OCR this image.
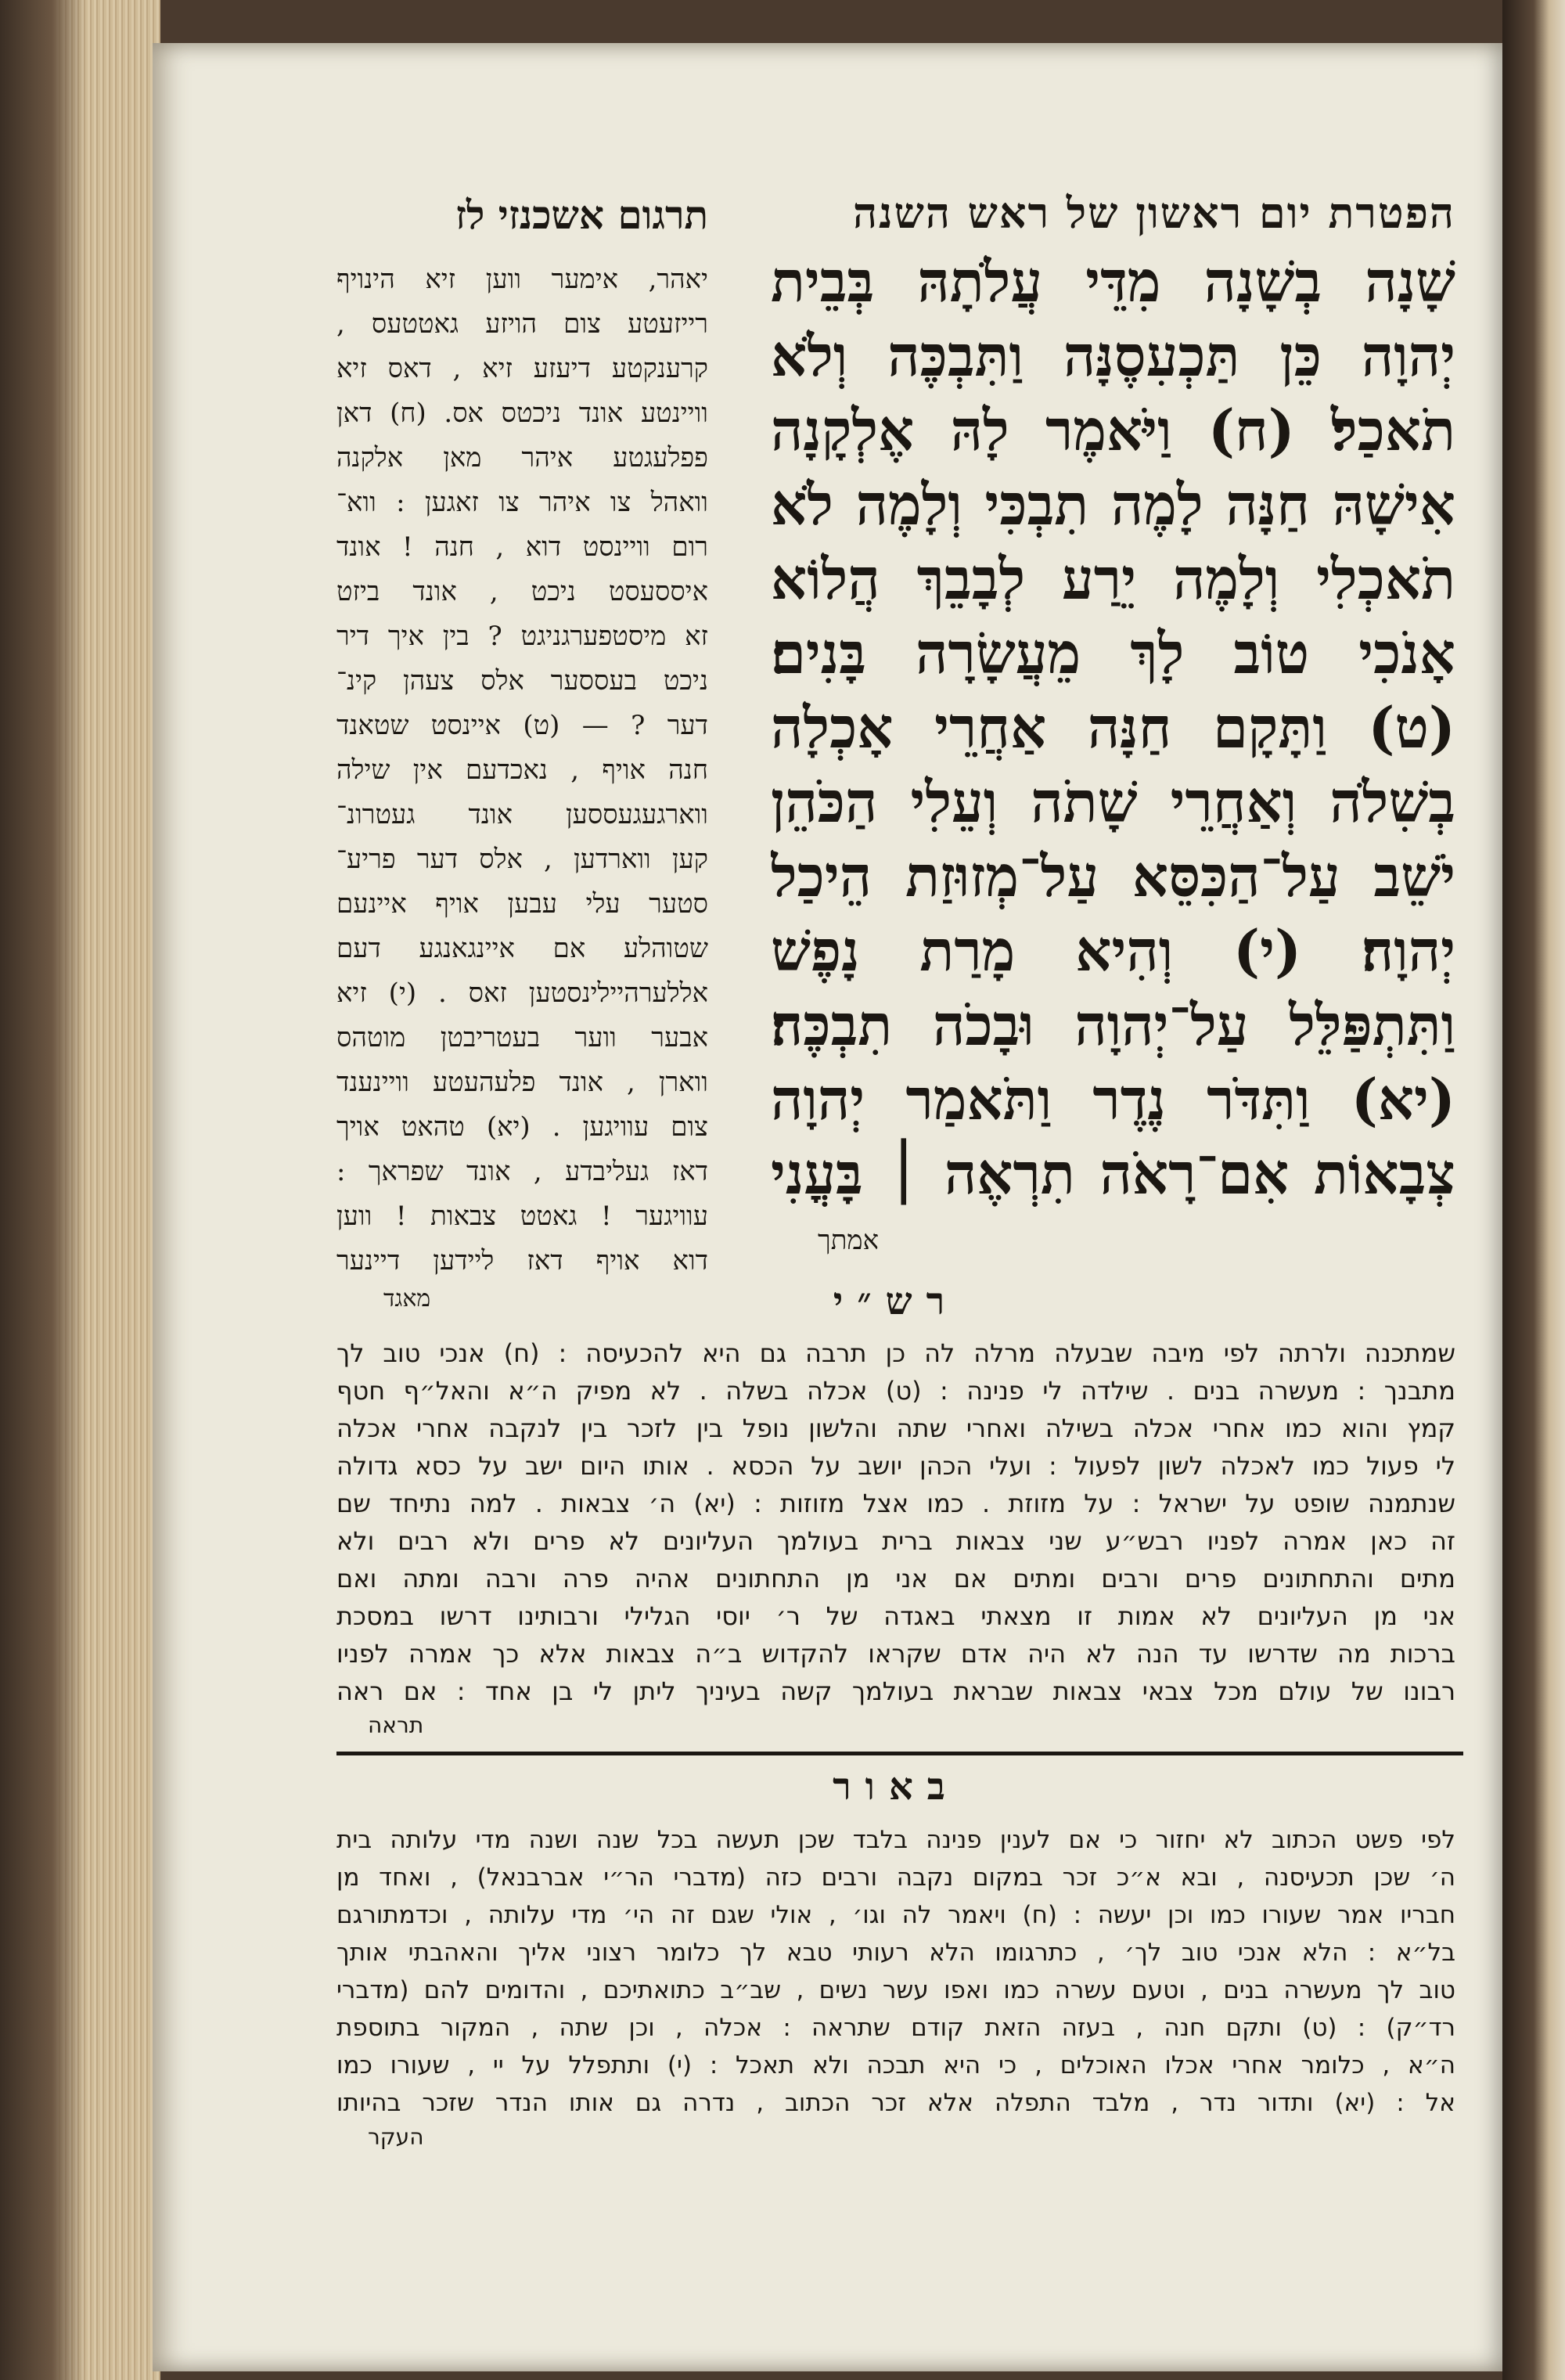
הפטרת יום ראשון של ראש השנה
שָׁנָה בְשָׁנָה מִדֵּי עֲלֹתָהּ בְּבֵית
יְהוָה כֵּן תַּכְעִסֶנָּה וַתִּבְכֶּה וְלֹא
תֹאכַל׃ (ח) וַיֹּאמֶר לָהּ אֶלְקָנָה
אִישָׁהּ חַנָּה לָמֶה תִבְכִּי וְלָמֶה לֹא
תֹאכְלִי וְלָמֶה יֵרַע לְבָבֵךְ הֲלוֹא
אָנֹכִי טוֹב לָךְ מֵעֲשָׂרָה בָּנִים׃
(ט) וַתָּקָם חַנָּה אַחֲרֵי אָכְלָה
בְשִׁלֹה וְאַחֲרֵי שָׁתֹה וְעֵלִי הַכֹּהֵן
יֹשֵׁב עַל־הַכִּסֵּא עַל־מְזוּזַת הֵיכַל
יְהוָה׃ (י) וְהִיא מָרַת נָפֶשׁ
וַתִּתְפַּלֵּל עַל־יְהוָה וּבָכֹה תִבְכֶּה׃
(יא) וַתִּדֹּר נֶדֶר וַתֹּאמַר יְהוָה
צְבָאוֹת אִם־רָאֹה תִרְאֶה ׀ בָּעֳנִי
אמתך
תרגום אשכנזי לז
יאהר, אימער ווען זיא הינויף
רייזעטע צום הויזע גאטטעס ,
קרענקטע דיעזע זיא , דאס זיא
וויינטע אונד ניכטס אס. (ח) דאן
פפלעגטע איהר מאן אלקנה
וואהל צו איהר צו זאגען : ווא־
רום וויינסט דוא , חנה ! אונד
איססעסט ניכט , אונד ביזט
זא מיסטפערגניגט ? בין איך דיר
ניכט בעססער אלס צעהן קינ־
דער ? — (ט) איינסט שטאנד
חנה אויף , נאכדעם אין שילה
ווארגעגעססען אונד געטרונ־
קען ווארדען , אלס דער פריע־
סטער עלי עבען אויף איינעם
שטוהלע אם איינגאנגע דעם
אללערהיילינסטען זאס . (י) זיא
אבער ווער בעטריבטן מוטהס
ווארן , אונד פלעהעטע וויינענד
צום עוויגען . (יא) טהאט אויך
דאז געליבדע , אונד שפראך :
עוויגער ! גאטט צבאות ! ווען
דוא אויף דאז ליידען דיינער
מאגד	רש״י
שמתכנה ולרתה לפי מיבה שבעלה מרלה לה כן תרבה גם היא להכעיסה : (ח) אנכי טוב לך
מתבנך : מעשרה בנים . שילדה לי פנינה : (ט) אכלה בשלה . לא מפיק ה״א והאל״ף חטף
קמץ והוא כמו אחרי אכלה בשילה ואחרי שתה והלשון נופל בין לזכר בין לנקבה אחרי אכלה
לי פעול כמו לאכלה לשון לפעול : ועלי הכהן יושב על הכסא . אותו היום ישב על כסא גדולה
שנתמנה שופט על ישראל : על מזוזת . כמו אצל מזוזות : (יא) ה׳ צבאות . למה נתיחד שם
זה כאן אמרה לפניו רבש״ע שני צבאות ברית בעולמך העליונים לא פרים ולא רבים ולא
מתים והתחתונים פרים ורבים ומתים אם אני מן התחתונים אהיה פרה ורבה ומתה ואם
אני מן העליונים לא אמות זו מצאתי באגדה של ר׳ יוסי הגלילי ורבותינו דרשו במסכת
ברכות מה שדרשו עד הנה לא היה אדם שקראו להקדוש ב״ה צבאות אלא כך אמרה לפניו
רבונו של עולם מכל צבאי צבאות שבראת בעולמך קשה בעיניך ליתן לי בן אחד : אם ראה
תראה
באור
לפי פשט הכתוב לא יחזור כי אם לענין פנינה בלבד שכן תעשה בכל שנה ושנה מדי עלותה בית
ה׳ שכן תכעיסנה , ובא א״כ זכר במקום נקבה ורבים כזה (מדברי הר״י אברבנאל) , ואחד מן
חבריו אמר שעורו כמו וכן יעשה : (ח) ויאמר לה וגו׳ , אולי שגם זה הי׳ מדי עלותה , וכדמתורגם
בל״א : הלא אנכי טוב לך׳ , כתרגומו הלא רעותי טבא לך כלומר רצוני אליך והאהבתי אותך
טוב לך מעשרה בנים , וטעם עשרה כמו ואפו עשר נשים , שב״ב כתואתיכם , והדומים להם (מדברי
רד״ק) : (ט) ותקם חנה , בעזה הזאת קודם שתראה : אכלה , וכן שתה , המקור בתוספת
ה״א , כלומר אחרי אכלו האוכלים , כי היא תבכה ולא תאכל : (י) ותתפלל על יי , שעורו כמו
אל : (יא) ותדור נדר , מלבד התפלה אלא זכר הכתוב , נדרה גם אותו הנדר שזכר בהיותו
העקר
